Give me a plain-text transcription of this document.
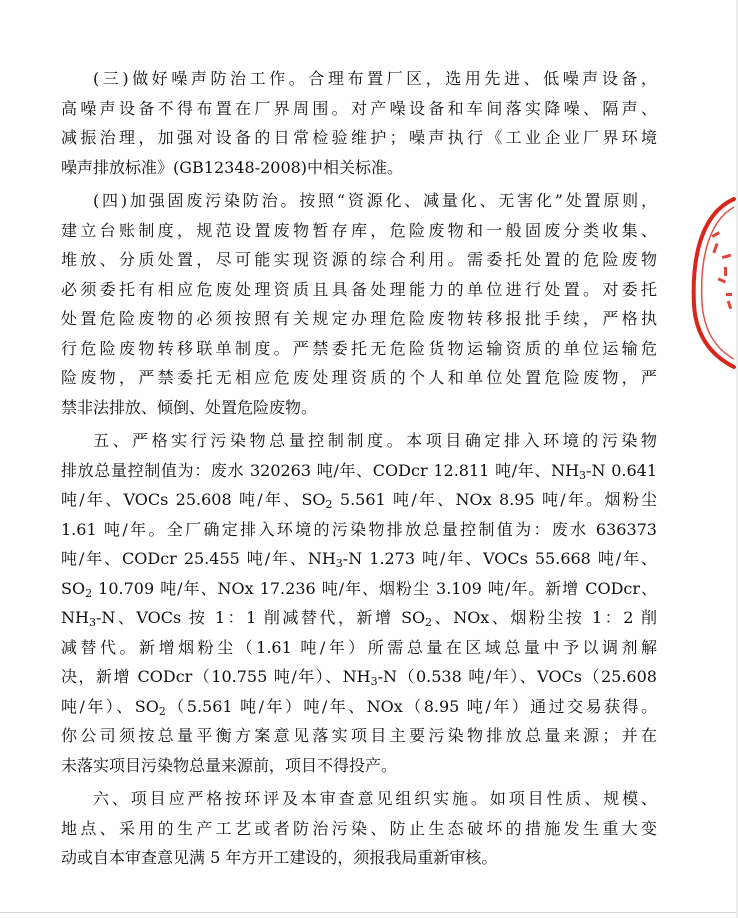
(三)做好噪声防治工作。合理布置厂区，选用先进、低噪声设备，
高噪声设备不得布置在厂界周围。对产噪设备和车间落实降噪、隔声、
减振治理，加强对设备的日常检验维护；噪声执行《工业企业厂界环境
噪声排放标准》(GB12348-2008)中相关标准。
(四)加强固废污染防治。按照“资源化、减量化、无害化”处置原则，
建立台账制度，规范设置废物暂存库，危险废物和一般固废分类收集、
堆放、分质处置，尽可能实现资源的综合利用。需委托处置的危险废物
必须委托有相应危废处理资质且具备处理能力的单位进行处置。对委托
处置危险废物的必须按照有关规定办理危险废物转移报批手续，严格执
行危险废物转移联单制度。严禁委托无危险货物运输资质的单位运输危
险废物，严禁委托无相应危废处理资质的个人和单位处置危险废物，严
禁非法排放、倾倒、处置危险废物。
五、严格实行污染物总量控制制度。本项目确定排入环境的污染物
排放总量控制值为：废水 320263 吨/年、CODcr 12.811 吨/年、$NH_3-N$ 0.641
吨/年、VOCs 25.608 吨/年、$SO_2$ 5.561 吨/年、NOx 8.95 吨/年。烟粉尘
1.61 吨/年。全厂确定排入环境的污染物排放总量控制值为：废水 636373
吨/年、CODcr 25.455 吨/年、$NH_3-N$ 1.273 吨/年、VOCs 55.668 吨/年、
$SO_2$ 10.709 吨/年、NOx 17.236 吨/年、烟粉尘 3.109 吨/年。新增 CODcr、
$NH_3-N$、VOCs 按 1：1 削减替代，新增 $SO_2$、NOx、烟粉尘按 1：2 削
减替代。新增烟粉尘（1.61 吨/年）所需总量在区域总量中予以调剂解
决，新增 CODcr（10.755 吨/年）、$NH_3-N(0.538$ 吨/年）、VOCs（25.608
吨/年）、$SO_2(5.561$ 吨/年）吨/年、NOx（8.95 吨/年）通过交易获得。
你公司须按总量平衡方案意见落实项目主要污染物排放总量来源；并在
未落实项目污染物总量来源前，项目不得投产。
六、项目应严格按环评及本审查意见组织实施。如项目性质、规模、
地点、采用的生产工艺或者防治污染、防止生态破坏的措施发生重大变
动或自本审查意见满 5 年方开工建设的，须报我局重新审核。
